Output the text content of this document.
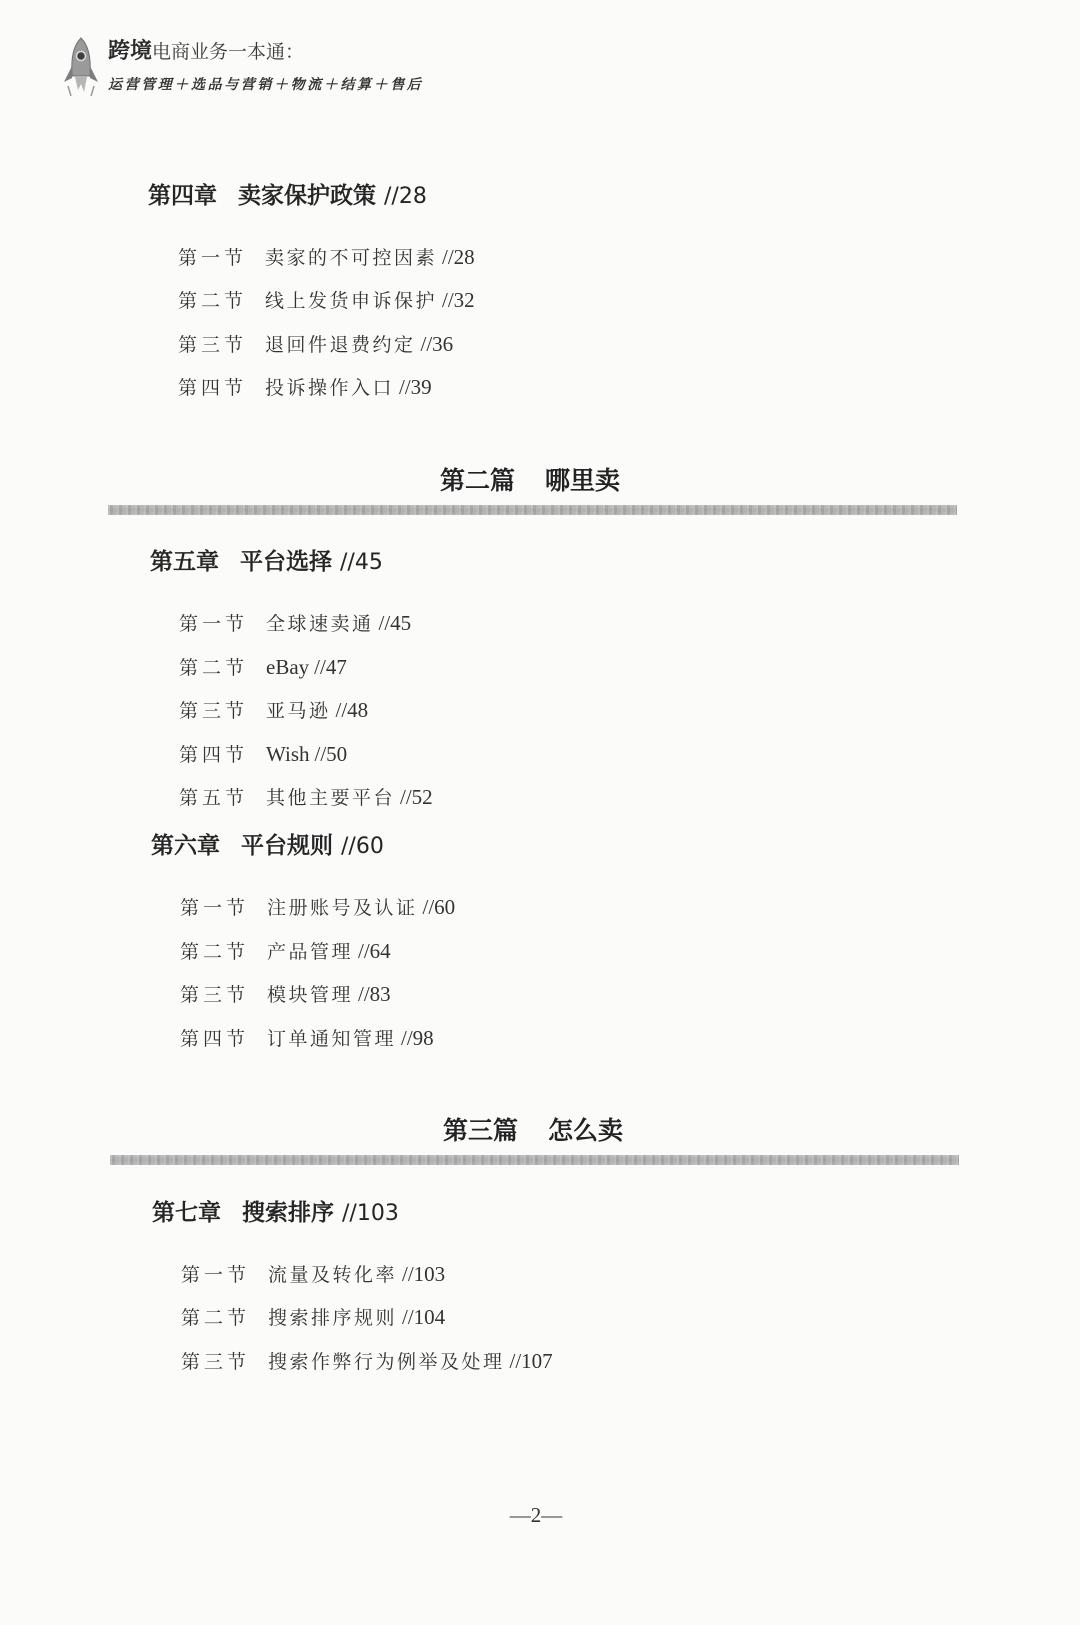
跨境电商业务一本通：
运营管理＋选品与营销＋物流＋结算＋售后
第四章 卖家保护政策 //28
第一节 卖家的不可控因素 //28
第二节 线上发货申诉保护 //32
第三节 退回件退费约定 //36
第四节 投诉操作入口 //39
第二篇 哪里卖
第五章 平台选择 //45
第一节 全球速卖通 //45
第二节 eBay //47
第三节 亚马逊 //48
第四节 Wish //50
第五节 其他主要平台 //52
第六章 平台规则 //60
第一节 注册账号及认证 //60
第二节 产品管理 //64
第三节 模块管理 //83
第四节 订单通知管理 //98
第三篇 怎么卖
第七章 搜索排序 //103
第一节 流量及转化率 //103
第二节 搜索排序规则 //104
第三节 搜索作弊行为例举及处理 //107
—2—
